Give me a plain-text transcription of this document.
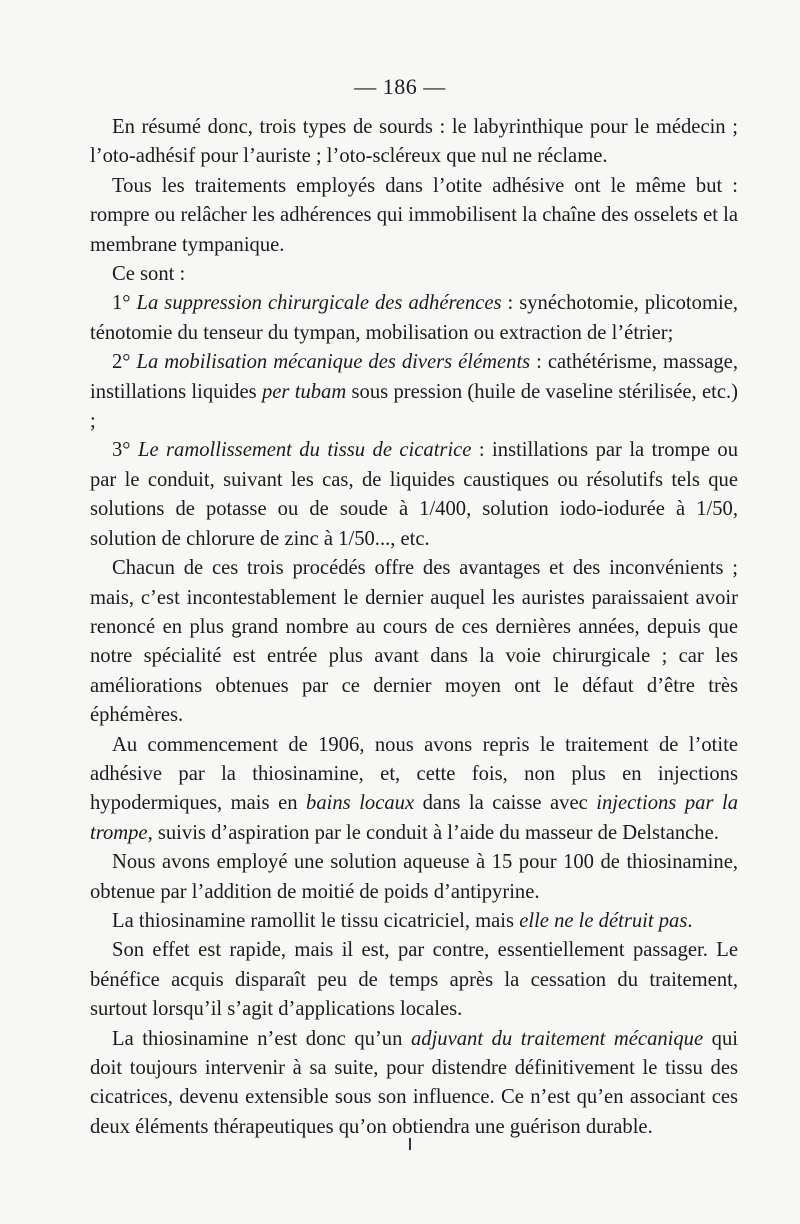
— 186 —

En résumé donc, trois types de sourds : le labyrinthique pour le médecin ; l’oto-adhésif pour l’auriste ; l’oto-scléreux que nul ne réclame.

Tous les traitements employés dans l’otite adhésive ont le même but : rompre ou relâcher les adhérences qui immobilisent la chaîne des osselets et la membrane tympanique.

Ce sont :

1° La suppression chirurgicale des adhérences : synéchotomie, plicotomie, ténotomie du tenseur du tympan, mobilisation ou extraction de l’étrier;

2° La mobilisation mécanique des divers éléments : cathétérisme, massage, instillations liquides per tubam sous pression (huile de vaseline stérilisée, etc.) ;

3° Le ramollissement du tissu de cicatrice : instillations par la trompe ou par le conduit, suivant les cas, de liquides caustiques ou résolutifs tels que solutions de potasse ou de soude à 1/400, solution iodo-iodurée à 1/50, solution de chlorure de zinc à 1/50..., etc.

Chacun de ces trois procédés offre des avantages et des inconvénients ; mais, c’est incontestablement le dernier auquel les auristes paraissaient avoir renoncé en plus grand nombre au cours de ces dernières années, depuis que notre spécialité est entrée plus avant dans la voie chirurgicale ; car les améliorations obtenues par ce dernier moyen ont le défaut d’être très éphémères.

Au commencement de 1906, nous avons repris le traitement de l’otite adhésive par la thiosinamine, et, cette fois, non plus en injections hypodermiques, mais en bains locaux dans la caisse avec injections par la trompe, suivis d’aspiration par le conduit à l’aide du masseur de Delstanche.

Nous avons employé une solution aqueuse à 15 pour 100 de thiosinamine, obtenue par l’addition de moitié de poids d’antipyrine.

La thiosinamine ramollit le tissu cicatriciel, mais elle ne le détruit pas.

Son effet est rapide, mais il est, par contre, essentiellement passager. Le bénéfice acquis disparaît peu de temps après la cessation du traitement, surtout lorsqu’il s’agit d’applications locales.

La thiosinamine n’est donc qu’un adjuvant du traitement mécanique qui doit toujours intervenir à sa suite, pour distendre définitivement le tissu des cicatrices, devenu extensible sous son influence. Ce n’est qu’en associant ces deux éléments thérapeutiques qu’on obtiendra une guérison durable.
